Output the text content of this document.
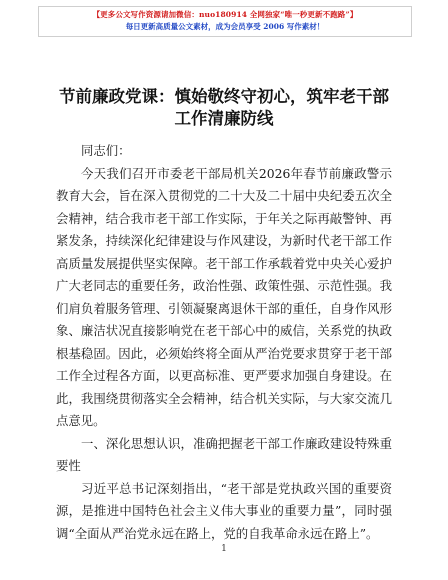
【更多公文写作资源请加微信：nuo180914 全网独家“唯一秒更新不跑路”】
每日更新高质量公文素材，成为会员享受 2006 写作素材！
节前廉政党课：慎始敬终守初心，筑牢老干部工作清廉防线

同志们：

今天我们召开市委老干部局机关2026年春节前廉政警示教育大会，旨在深入贯彻党的二十大及二十届中央纪委五次全会精神，结合我市老干部工作实际，于年关之际再敲警钟、再紧发条，持续深化纪律建设与作风建设，为新时代老干部工作高质量发展提供坚实保障。老干部工作承载着党中央关心爱护广大老同志的重要任务，政治性强、政策性强、示范性强。我们肩负着服务管理、引领凝聚离退休干部的重任，自身作风形象、廉洁状况直接影响党在老干部心中的威信，关系党的执政根基稳固。因此，必须始终将全面从严治党要求贯穿于老干部工作全过程各方面，以更高标准、更严要求加强自身建设。在此，我围绕贯彻落实全会精神，结合机关实际，与大家交流几点意见。

一、深化思想认识，准确把握老干部工作廉政建设特殊重要性

习近平总书记深刻指出，“老干部是党执政兴国的重要资源，是推进中国特色社会主义伟大事业的重要力量”，同时强调“全面从严治党永远在路上，党的自我革命永远在路上”。

1
